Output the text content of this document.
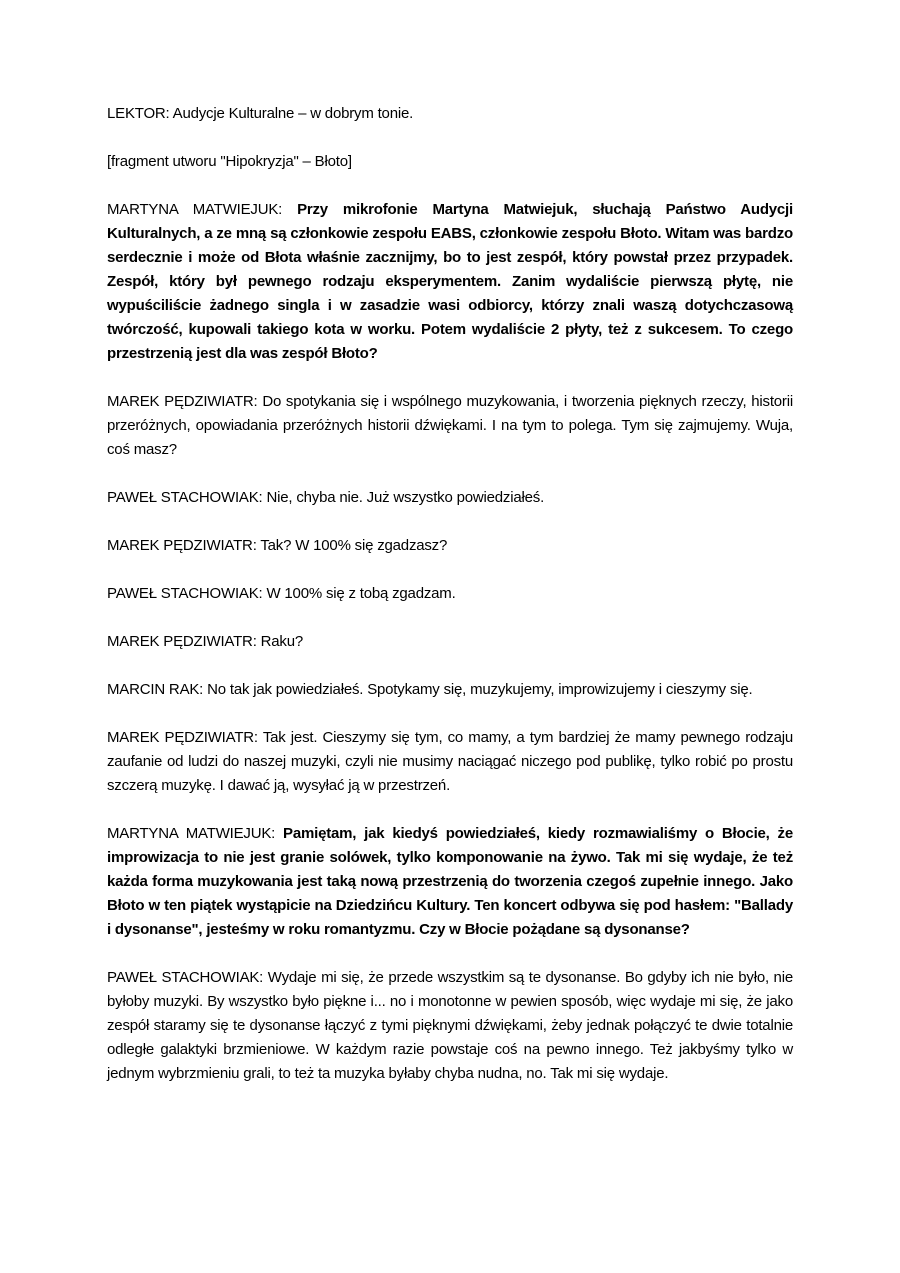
LEKTOR: Audycje Kulturalne – w dobrym tonie.

[fragment utworu "Hipokryzja" – Błoto]

MARTYNA MATWIEJUK: Przy mikrofonie Martyna Matwiejuk, słuchają Państwo Audycji Kulturalnych, a ze mną są członkowie zespołu EABS, członkowie zespołu Błoto. Witam was bardzo serdecznie i może od Błota właśnie zacznijmy, bo to jest zespół, który powstał przez przypadek. Zespół, który był pewnego rodzaju eksperymentem. Zanim wydaliście pierwszą płytę, nie wypuściliście żadnego singla i w zasadzie wasi odbiorcy, którzy znali waszą dotychczasową twórczość, kupowali takiego kota w worku. Potem wydaliście 2 płyty, też z sukcesem. To czego przestrzenią jest dla was zespół Błoto?

MAREK PĘDZIWIATR: Do spotykania się i wspólnego muzykowania, i tworzenia pięknych rzeczy, historii przeróżnych, opowiadania przeróżnych historii dźwiękami. I na tym to polega. Tym się zajmujemy. Wuja, coś masz?

PAWEŁ STACHOWIAK: Nie, chyba nie. Już wszystko powiedziałeś.

MAREK PĘDZIWIATR: Tak? W 100% się zgadzasz?

PAWEŁ STACHOWIAK: W 100% się z tobą zgadzam.

MAREK PĘDZIWIATR: Raku?

MARCIN RAK: No tak jak powiedziałeś. Spotykamy się, muzykujemy, improwizujemy i cieszymy się.

MAREK PĘDZIWIATR: Tak jest. Cieszymy się tym, co mamy, a tym bardziej że mamy pewnego rodzaju zaufanie od ludzi do naszej muzyki, czyli nie musimy naciągać niczego pod publikę, tylko robić po prostu szczerą muzykę. I dawać ją, wysyłać ją w przestrzeń.

MARTYNA MATWIEJUK: Pamiętam, jak kiedyś powiedziałeś, kiedy rozmawialiśmy o Błocie, że improwizacja to nie jest granie solówek, tylko komponowanie na żywo. Tak mi się wydaje, że też każda forma muzykowania jest taką nową przestrzenią do tworzenia czegoś zupełnie innego. Jako Błoto w ten piątek wystąpicie na Dziedzińcu Kultury. Ten koncert odbywa się pod hasłem: "Ballady i dysonanse", jesteśmy w roku romantyzmu. Czy w Błocie pożądane są dysonanse?

PAWEŁ STACHOWIAK: Wydaje mi się, że przede wszystkim są te dysonanse. Bo gdyby ich nie było, nie byłoby muzyki. By wszystko było piękne i... no i monotonne w pewien sposób, więc wydaje mi się, że jako zespół staramy się te dysonanse łączyć z tymi pięknymi dźwiękami, żeby jednak połączyć te dwie totalnie odległe galaktyki brzmieniowe. W każdym razie powstaje coś na pewno innego. Też jakbyśmy tylko w jednym wybrzmieniu grali, to też ta muzyka byłaby chyba nudna, no. Tak mi się wydaje.
